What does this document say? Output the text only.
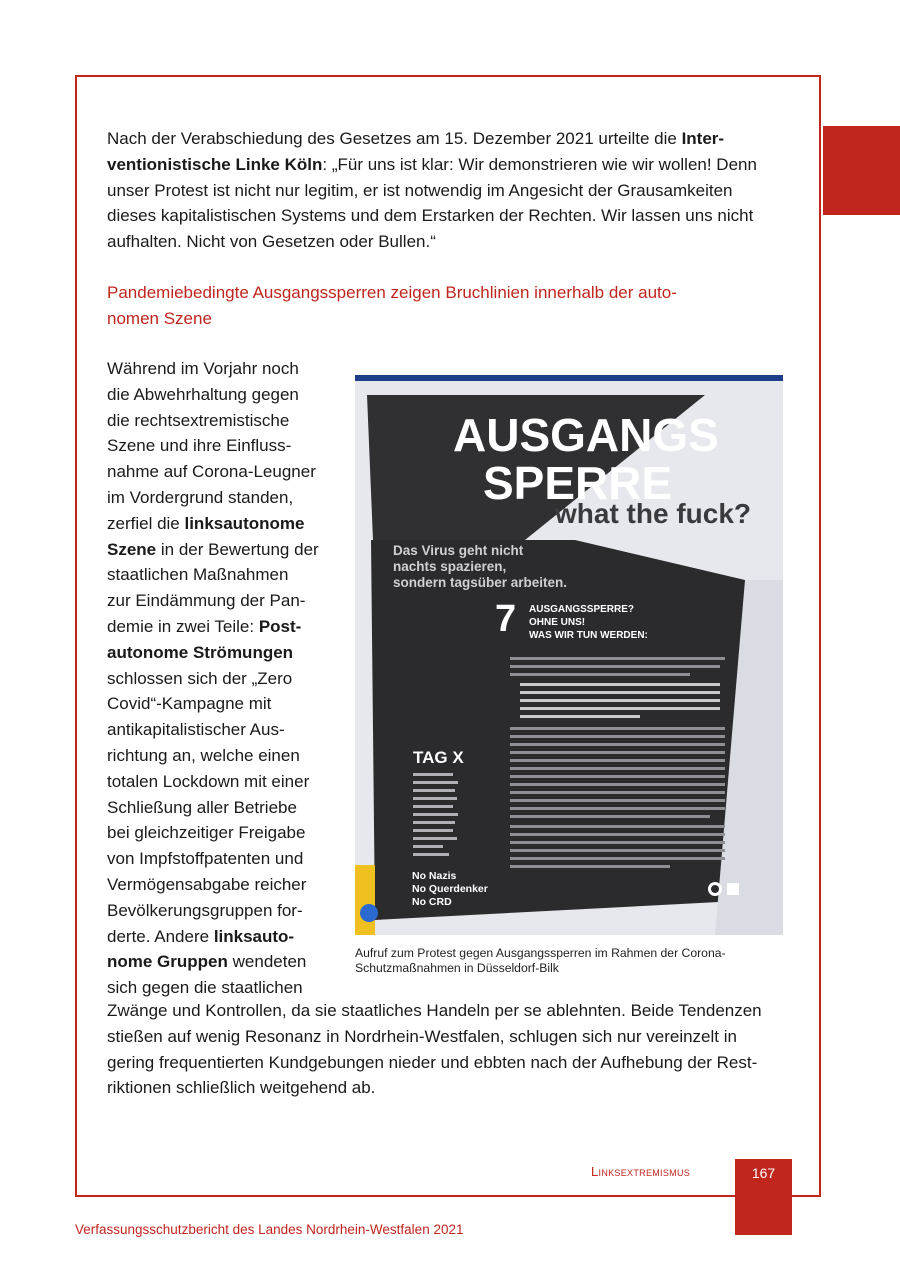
Nach der Verabschiedung des Gesetzes am 15. Dezember 2021 urteilte die Inter-
ventionistische Linke Köln: „Für uns ist klar: Wir demonstrieren wie wir wollen! Denn
unser Protest ist nicht nur legitim, er ist notwendig im Angesicht der Grausamkeiten
dieses kapitalistischen Systems und dem Erstarken der Rechten. Wir lassen uns nicht
aufhalten. Nicht von Gesetzen oder Bullen.“
Pandemiebedingte Ausgangssperren zeigen Bruchlinien innerhalb der auto-
nomen Szene
Während im Vorjahr noch
die Abwehrhaltung gegen
die rechtsextremistische
Szene und ihre Einfluss-
nahme auf Corona-Leugner
im Vordergrund standen,
zerfiel die linksautonome
Szene in der Bewertung der
staatlichen Maßnahmen
zur Eindämmung der Pan-
demie in zwei Teile: Post-
autonome Strömungen
schlossen sich der „Zero
Covid“-Kampagne mit
antikapitalistischer Aus-
richtung an, welche einen
totalen Lockdown mit einer
Schließung aller Betriebe
bei gleichzeitiger Freigabe
von Impfstoffpatenten und
Vermögensabgabe reicher
Bevölkerungsgruppen for-
derte. Andere linksauto-
nome Gruppen wendeten
sich gegen die staatlichen
AUSGANGS
SPERRE
what the fuck?
Das Virus geht nicht
nachts spazieren,
sondern tagsüber arbeiten.
7 AUSGANGSSPERRE?
OHNE UNS!
WAS WIR TUN WERDEN:
TAG X
No Nazis
No Querdenker
No CRD
Aufruf zum Protest gegen Ausgangssperren im Rahmen der Corona-
Schutzmaßnahmen in Düsseldorf-Bilk
Zwänge und Kontrollen, da sie staatliches Handeln per se ablehnten. Beide Tendenzen
stießen auf wenig Resonanz in Nordrhein-Westfalen, schlugen sich nur vereinzelt in
gering frequentierten Kundgebungen nieder und ebbten nach der Aufhebung der Rest-
riktionen schließlich weitgehend ab.
Linksextremismus	167
Verfassungsschutzbericht des Landes Nordrhein-Westfalen 2021
